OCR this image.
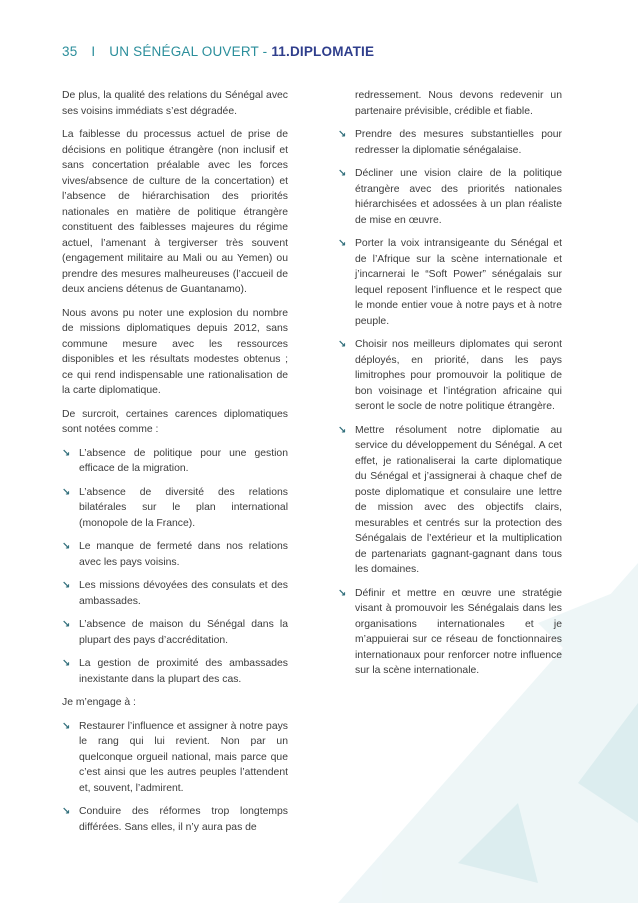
35 I UN SÉNÉGAL OUVERT - 11.DIPLOMATIE

De plus, la qualité des relations du Sénégal avec ses voisins immédiats s’est dégradée.

La faiblesse du processus actuel de prise de décisions en politique étrangère (non inclusif et sans concertation préalable avec les forces vives/absence de culture de la concertation) et l’absence de hiérarchisation des priorités nationales en matière de politique étrangère constituent des faiblesses majeures du régime actuel, l’amenant à tergiverser très souvent (engagement militaire au Mali ou au Yemen) ou prendre des mesures malheureuses (l’accueil de deux anciens détenus de Guantanamo).

Nous avons pu noter une explosion du nombre de missions diplomatiques depuis 2012, sans commune mesure avec les ressources disponibles et les résultats modestes obtenus ; ce qui rend indispensable une rationalisation de la carte diplomatique.

De surcroit, certaines carences diplomatiques sont notées comme :

↘ L’absence de politique pour une gestion efficace de la migration.
↘ L’absence de diversité des relations bilatérales sur le plan international (monopole de la France).
↘ Le manque de fermeté dans nos relations avec les pays voisins.
↘ Les missions dévoyées des consulats et des ambassades.
↘ L’absence de maison du Sénégal dans la plupart des pays d’accréditation.
↘ La gestion de proximité des ambassades inexistante dans la plupart des cas.

Je m’engage à :

↘ Restaurer l’influence et assigner à notre pays le rang qui lui revient. Non par un quelconque orgueil national, mais parce que c’est ainsi que les autres peuples l’attendent et, souvent, l’admirent.
↘ Conduire des réformes trop longtemps différées. Sans elles, il n’y aura pas de
redressement. Nous devons redevenir un partenaire prévisible, crédible et fiable.
↘ Prendre des mesures substantielles pour redresser la diplomatie sénégalaise.
↘ Décliner une vision claire de la politique étrangère avec des priorités nationales hiérarchisées et adossées à un plan réaliste de mise en œuvre.
↘ Porter la voix intransigeante du Sénégal et de l’Afrique sur la scène internationale et j’incarnerai le “Soft Power” sénégalais sur lequel reposent l’influence et le respect que le monde entier voue à notre pays et à notre peuple.
↘ Choisir nos meilleurs diplomates qui seront déployés, en priorité, dans les pays limitrophes pour promouvoir la politique de bon voisinage et l’intégration africaine qui seront le socle de notre politique étrangère.
↘ Mettre résolument notre diplomatie au service du développement du Sénégal. A cet effet, je rationaliserai la carte diplomatique du Sénégal et j’assignerai à chaque chef de poste diplomatique et consulaire une lettre de mission avec des objectifs clairs, mesurables et centrés sur la protection des Sénégalais de l’extérieur et la multiplication de partenariats gagnant-gagnant dans tous les domaines.
↘ Définir et mettre en œuvre une stratégie visant à promouvoir les Sénégalais dans les organisations internationales et je m’appuierai sur ce réseau de fonctionnaires internationaux pour renforcer notre influence sur la scène internationale.
